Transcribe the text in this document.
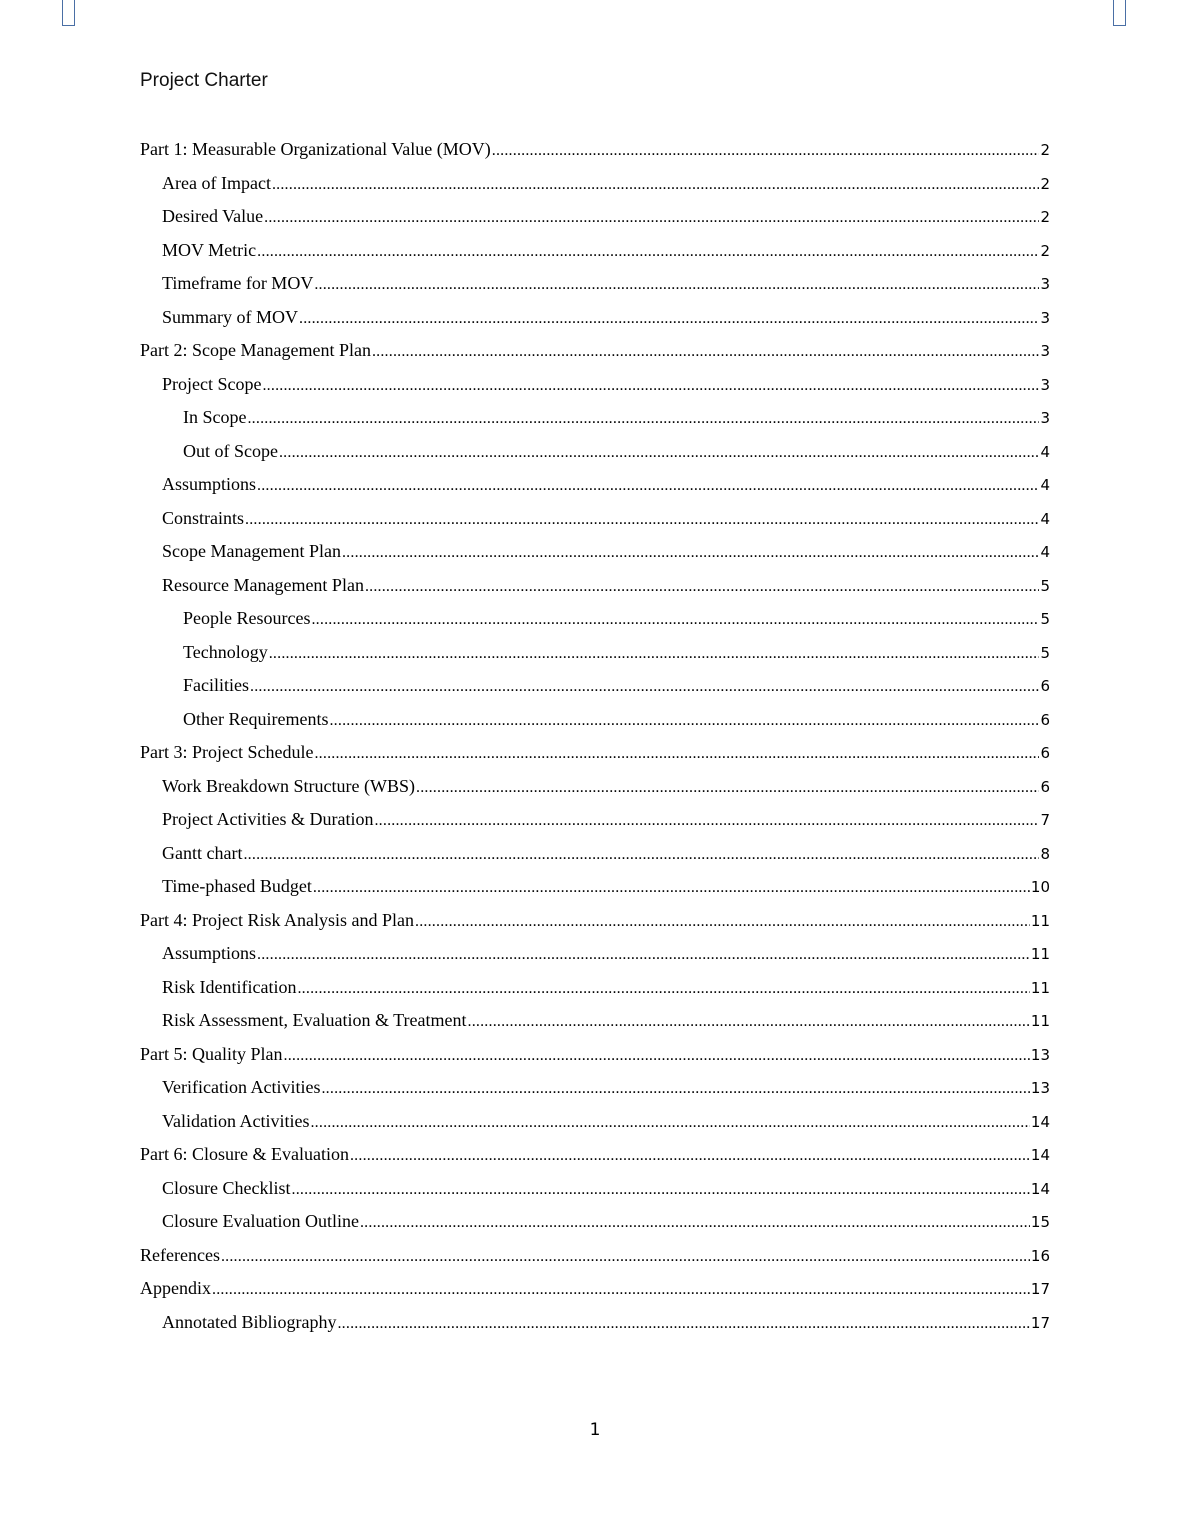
Project Charter
Part 1: Measurable Organizational Value (MOV) .....	2
Area of Impact .....	2
Desired Value .....	2
MOV Metric .....	2
Timeframe for MOV .....	3
Summary of MOV .....	3
Part 2: Scope Management Plan .....	3
Project Scope .....	3
In Scope .....	3
Out of Scope .....	4
Assumptions .....	4
Constraints .....	4
Scope Management Plan .....	4
Resource Management Plan .....	5
People Resources .....	5
Technology .....	5
Facilities .....	6
Other Requirements .....	6
Part 3: Project Schedule .....	6
Work Breakdown Structure (WBS) .....	6
Project Activities & Duration .....	7
Gantt chart .....	8
Time-phased Budget .....	10
Part 4: Project Risk Analysis and Plan .....	11
Assumptions .....	11
Risk Identification .....	11
Risk Assessment, Evaluation & Treatment .....	11
Part 5: Quality Plan .....	13
Verification Activities .....	13
Validation Activities .....	14
Part 6: Closure & Evaluation .....	14
Closure Checklist .....	14
Closure Evaluation Outline .....	15
References .....	16
Appendix .....	17
Annotated Bibliography .....	17
1
